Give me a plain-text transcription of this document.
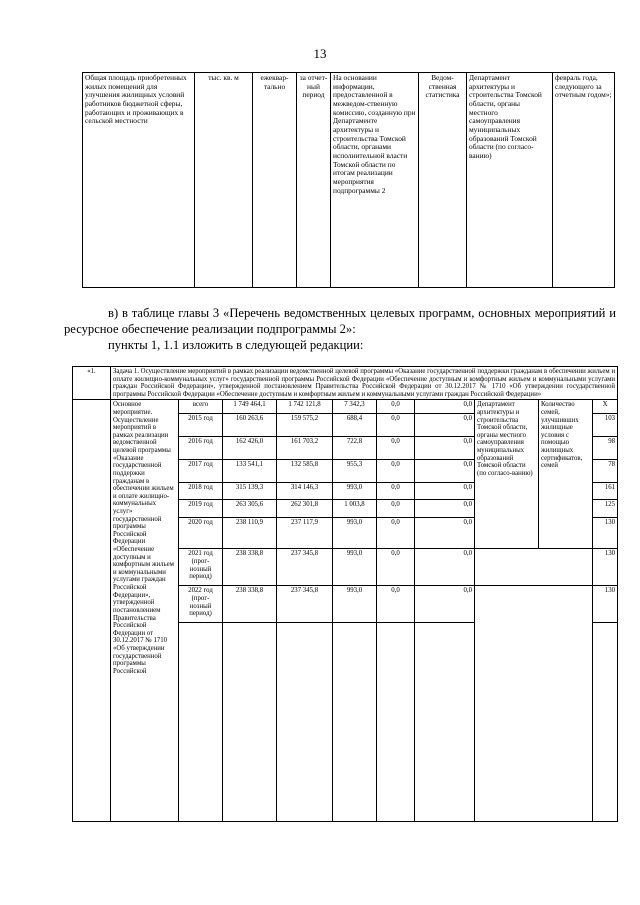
13
Общая площадь приобретенных жилых помещений для улучшения жилищных условий работников бюджетной сферы, работающих и проживающих в сельской местности	тыс. кв. м	ежеквар-тально	за отчет-ный период	На основании информации, предоставленной в межведом-ственную комиссию, созданную при Департаменте архитектуры и строительства Томской области, органами исполнительной власти Томской области по итогам реализации мероприятия подпрограммы 2	Ведом-ственная статистика	Департамент архитектуры и строительства Томской области, органы местного самоуправления муниципальных образований Томской области (по согласо-ванию)	февраль года, следующего за отчетным годом»;
в) в таблице главы 3 «Перечень ведомственных целевых программ, основных мероприятий и ресурсное обеспечение реализации подпрограммы 2»:
пункты 1, 1.1 изложить в следующей редакции:
«1.	Задача 1. Осуществление мероприятий в рамках реализации ведомственной целевой программы «Оказание государственной поддержки гражданам в обеспечении жильем и оплате жилищно-коммунальных услуг» государственной программы Российской Федерации «Обеспечение доступным и комфортным жильем и коммунальными услугами граждан Российской Федерации», утвержденной постановлением Правительства Российской Федерации от 30.12.2017 № 1710 «Об утверждении государственной программы Российской Федерации «Обеспечение доступным и комфортным жильем и коммунальными услугами граждан Российской Федерации»									
	Основное мероприятие. Осуществление мероприятий в рамках реализации ведомственной целевой программы «Оказание государственной поддержки гражданам в обеспечении жильем и оплате жилищно-коммунальных услуг» государственной программы Российской Федерации «Обеспечение доступным и комфортным жильем и коммунальными услугами граждан Российской Федерации», утвержденной постановлением Правительства Российской Федерации от 30.12.2017 № 1710 «Об утверждении государственной программы Российской	всего	1 749 464,1	1 742 121,8	7 342,3	0,0	0,0	Департамент архитектуры и строительства Томской области, органы местного самоуправления муниципальных образований Томской области (по согласо-ванию)	Количество семей, улучшивших жилищные условия с помощью жилищных сертификатов, семей	X
		2015 год	160 263,6	159 575,2	688,4	0,0	0,0			103
		2016 год	162 426,0	161 703,2	722,8	0,0	0,0			98
		2017 год	133 541,1	132 585,8	955,3	0,0	0,0			78
		2018 год	315 139,3	314 146,3	993,0	0,0	0,0			161
		2019 год	263 305,6	262 301,8	1 003,8	0,0	0,0			125
		2020 год	238 110,9	237 117,9	993,0	0,0	0,0			130
		2021 год (прог-нозный период)	238 338,8	237 345,8	993,0	0,0	0,0			130
		2022 год (прог-нозный период)	238 338,8	237 345,8	993,0	0,0	0,0			130
